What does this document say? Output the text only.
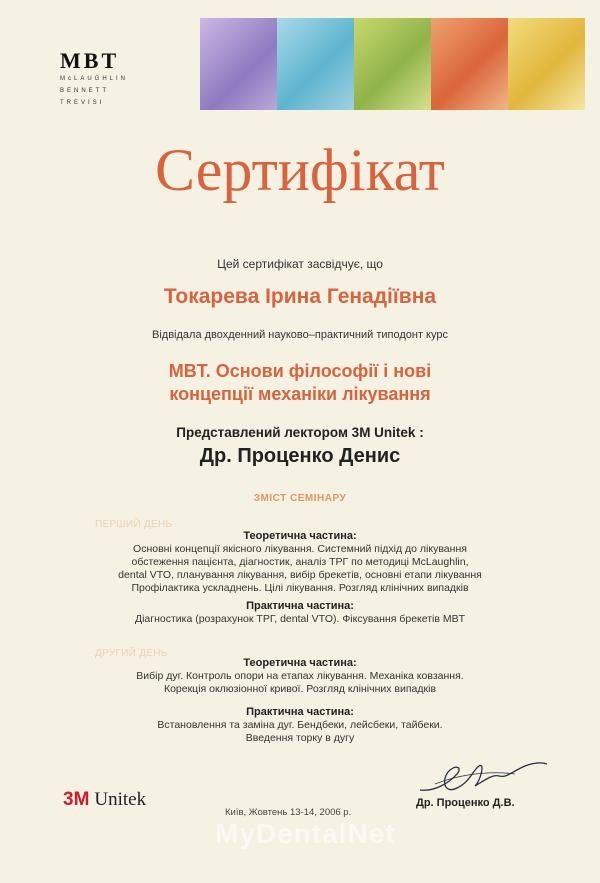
MBT
McLAUGHLIN
BENNETT
TREVISI
Сертифікат
Цей сертифікат засвідчує, що
Токарева Ірина Генадіївна
Відвідала двохденний науково–практичний типодонт курс
MBT. Основи філософії і нові
концепції механіки лікування
Представлений лектором 3M Unitek :
Др. Проценко Денис
ЗМІСТ СЕМІНАРУ
ПЕРШИЙ ДЕНЬ
Теоретична частина:
Основні концепції якісного лікування. Системний підхід до лікування
обстеження пацієнта, діагностик, аналіз ТРГ по методиці McLaughlin,
dental VTO, планування лікування, вибір брекетів, основні етапи лікування
Профілактика ускладнень. Цілі лікування. Розгляд клінічних випадків
Практична частина:
Діагностика (розрахунок ТРГ, dental VTO). Фіксування брекетів MBT
ДРУГИЙ ДЕНЬ
Теоретична частина:
Вибір дуг. Контроль опори на етапах лікування. Механіка ковзання.
Корекція оклюзіонної кривої. Розгляд клінічних випадків
Практична частина:
Встановлення та заміна дуг. Бендбеки, лейсбеки, тайбеки.
Введення торку в дугу
3M Unitek
Київ, Жовтень 13-14, 2006 р.
Др. Проценко Д.В.
MyDentalNet
